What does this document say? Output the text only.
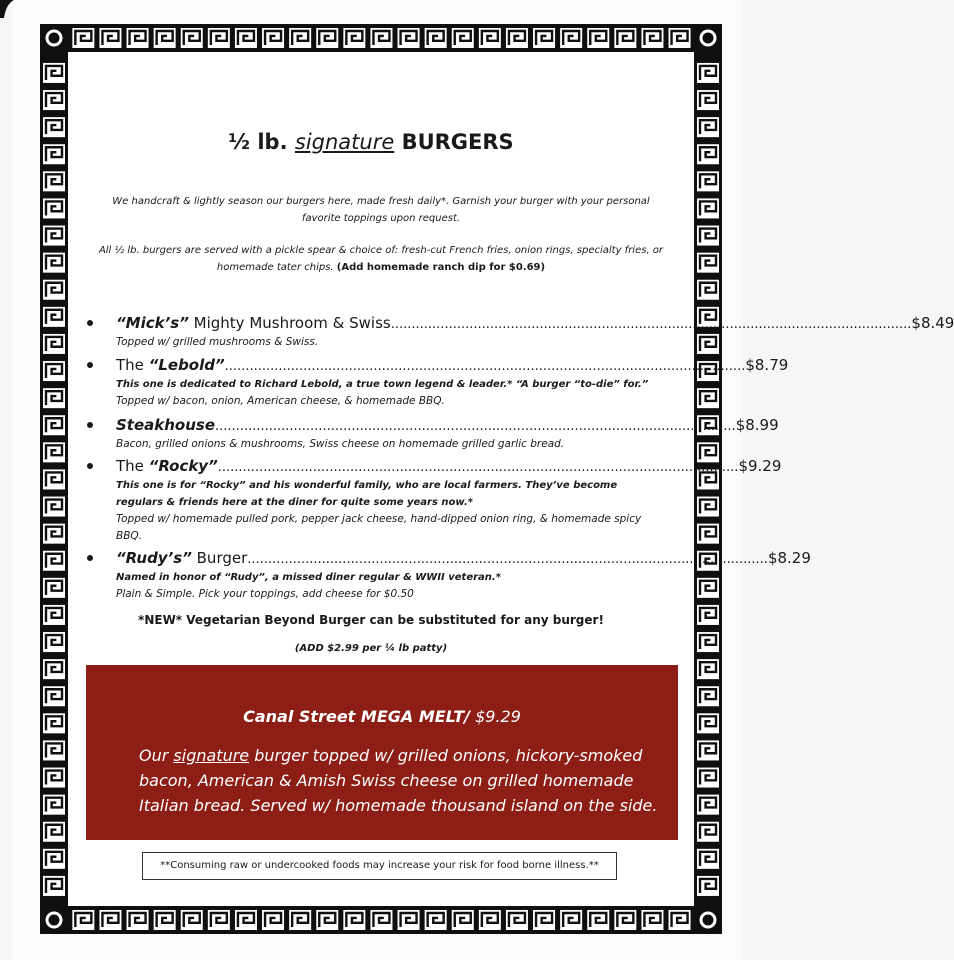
½ lb. signature BURGERS
We handcraft & lightly season our burgers here, made fresh daily*. Garnish your burger with your personal favorite toppings upon request.
All ½ lb. burgers are served with a pickle spear & choice of: fresh-cut French fries, onion rings, specialty fries, or homemade tater chips. (Add homemade ranch dip for $0.69)
“Mick’s” Mighty Mushroom & Swiss .............................................................................................................................. $8.49
Topped w/ grilled mushrooms & Swiss.
The “Lebold” .............................................................................................................................. $8.79
This one is dedicated to Richard Lebold, a true town legend & leader.* “A burger “to-die” for.”
Topped w/ bacon, onion, American cheese, & homemade BBQ.
Steakhouse .............................................................................................................................. $8.99
Bacon, grilled onions & mushrooms, Swiss cheese on homemade grilled garlic bread.
The “Rocky” .............................................................................................................................. $9.29
This one is for “Rocky” and his wonderful family, who are local farmers. They’ve become regulars & friends here at the diner for quite some years now.*
Topped w/ homemade pulled pork, pepper jack cheese, hand-dipped onion ring, & homemade spicy BBQ.
“Rudy’s” Burger .............................................................................................................................. $8.29
Named in honor of “Rudy”, a missed diner regular & WWII veteran.*
Plain & Simple. Pick your toppings, add cheese for $0.50
*NEW* Vegetarian Beyond Burger can be substituted for any burger!
(ADD $2.99 per ¼ lb patty)
Canal Street MEGA MELT/ $9.29
Our signature burger topped w/ grilled onions, hickory-smoked bacon, American & Amish Swiss cheese on grilled homemade Italian bread. Served w/ homemade thousand island on the side.
**Consuming raw or undercooked foods may increase your risk for food borne illness.**
